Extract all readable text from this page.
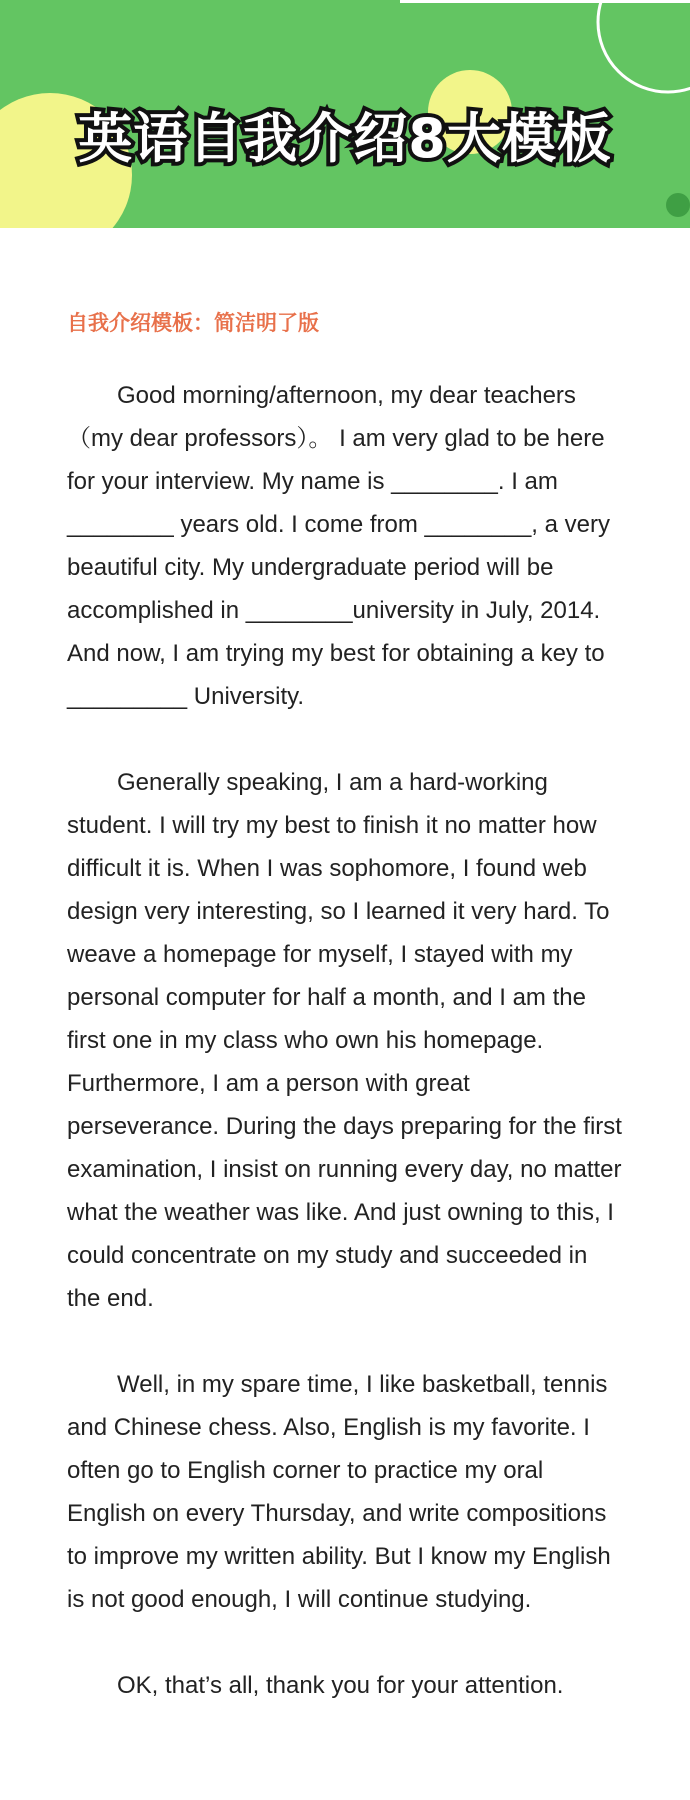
英语自我介绍8大模板
自我介绍模板：简洁明了版

Good morning/afternoon, my dear teachers（my dear professors）。 I am very glad to be here for your interview. My name is ________. I am ________ years old. I come from ________, a very beautiful city. My undergraduate period will be accomplished in ________university in July, 2014. And now, I am trying my best for obtaining a key to _________ University.

Generally speaking, I am a hard-working student. I will try my best to finish it no matter how difficult it is. When I was sophomore, I found web design very interesting, so I learned it very hard. To weave a homepage for myself, I stayed with my personal computer for half a month, and I am the first one in my class who own his homepage. Furthermore, I am a person with great perseverance. During the days preparing for the first examination, I insist on running every day, no matter what the weather was like. And just owning to this, I could concentrate on my study and succeeded in the end.

Well, in my spare time, I like basketball, tennis and Chinese chess. Also, English is my favorite. I often go to English corner to practice my oral English on every Thursday, and write compositions to improve my written ability. But I know my English is not good enough, I will continue studying.

OK, that’s all, thank you for your attention.
